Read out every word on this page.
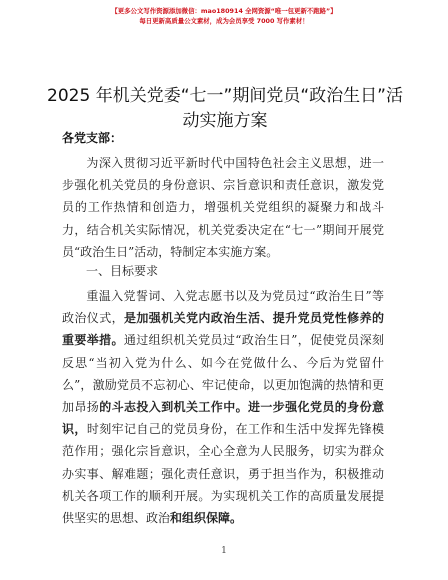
【更多公文写作资源添加微信：mao180914 全网资源“唯一包更新不跑路”】
每日更新高质量公文素材，成为会员享受 7000 写作素材！
2025 年机关党委“七一”期间党员“政治生日”活动实施方案
各党支部：
为深入贯彻习近平新时代中国特色社会主义思想，进一步强化机关党员的身份意识、宗旨意识和责任意识，激发党员的工作热情和创造力，增强机关党组织的凝聚力和战斗力，结合机关实际情况，机关党委决定在“七一”期间开展党员“政治生日”活动，特制定本实施方案。
一、目标要求
重温入党誓词、入党志愿书以及为党员过“政治生日”等政治仪式，是加强机关党内政治生活、提升党员党性修养的重要举措。通过组织机关党员过“政治生日”，促使党员深刻反思“当初入党为什么、如今在党做什么、今后为党留什么”，激励党员不忘初心、牢记使命，以更加饱满的热情和更加昂扬的斗志投入到机关工作中。进一步强化党员的身份意识，时刻牢记自己的党员身份，在工作和生活中发挥先锋模范作用；强化宗旨意识，全心全意为人民服务，切实为群众办实事、解难题；强化责任意识，勇于担当作为，积极推动机关各项工作的顺利开展。为实现机关工作的高质量发展提供坚实的思想、政治和组织保障。
1
